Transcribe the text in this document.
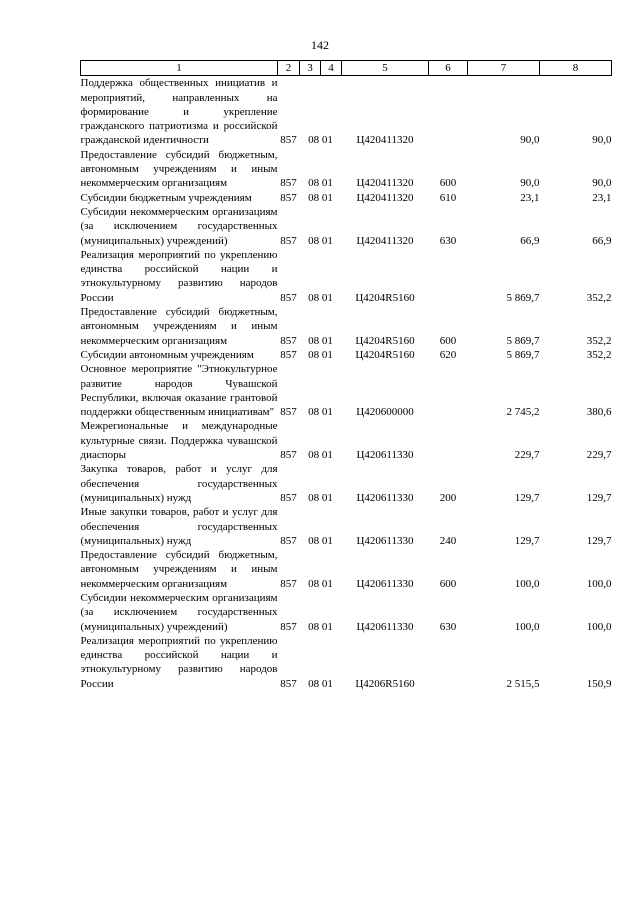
142
1	2	3	4	5	6	7	8
Поддержка общественных инициатив и мероприятий, направленных на формирование и укрепление гражданского патриотизма и российской гражданской идентичности	857	08 01		Ц420411320		90,0	90,0
Предоставление субсидий бюджетным, автономным учреждениям и иным некоммерческим организациям	857	08 01		Ц420411320	600	90,0	90,0
Субсидии бюджетным учреждениям	857	08 01		Ц420411320	610	23,1	23,1
Субсидии некоммерческим организациям (за исключением государственных (муниципальных) учреждений)	857	08 01		Ц420411320	630	66,9	66,9
Реализация мероприятий по укреплению единства российской нации и этнокультурному развитию народов России	857	08 01		Ц4204R5160		5 869,7	352,2
Предоставление субсидий бюджетным, автономным учреждениям и иным некоммерческим организациям	857	08 01		Ц4204R5160	600	5 869,7	352,2
Субсидии автономным учреждениям	857	08 01		Ц4204R5160	620	5 869,7	352,2
Основное мероприятие "Этнокультурное развитие народов Чувашской Республики, включая оказание грантовой поддержки общественным инициативам"	857	08 01		Ц420600000		2 745,2	380,6
Межрегиональные и международные культурные связи. Поддержка чувашской диаспоры	857	08 01		Ц420611330		229,7	229,7
Закупка товаров, работ и услуг для обеспечения государственных (муниципальных) нужд	857	08 01		Ц420611330	200	129,7	129,7
Иные закупки товаров, работ и услуг для обеспечения государственных (муниципальных) нужд	857	08 01		Ц420611330	240	129,7	129,7
Предоставление субсидий бюджетным, автономным учреждениям и иным некоммерческим организациям	857	08 01		Ц420611330	600	100,0	100,0
Субсидии некоммерческим организациям (за исключением государственных (муниципальных) учреждений)	857	08 01		Ц420611330	630	100,0	100,0
Реализация мероприятий по укреплению единства российской нации и этнокультурному развитию народов России	857	08 01		Ц4206R5160		2 515,5	150,9
